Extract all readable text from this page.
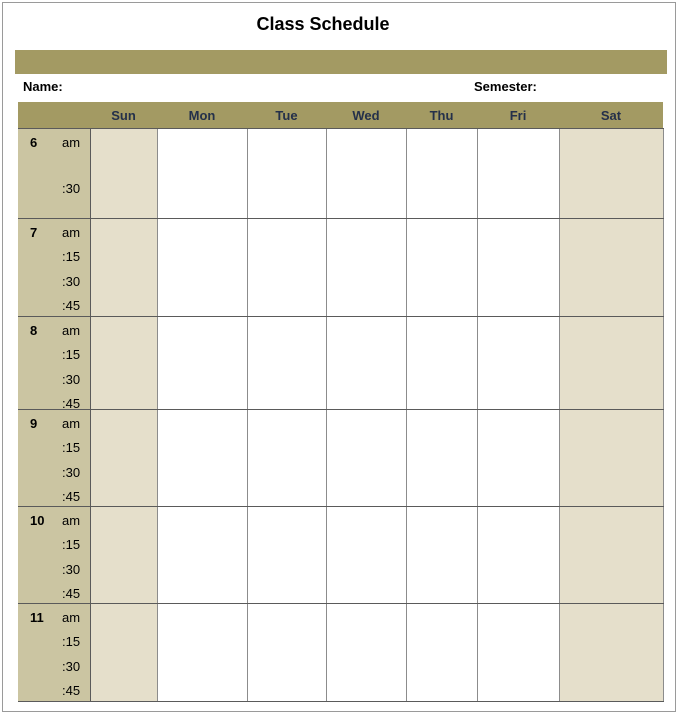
Class Schedule
Name:	Semester:
	Sun	Mon	Tue	Wed	Thu	Fri	Sat

6 am
:30							

7 am
:15
:30
:45							

8 am
:15
:30
:45							

9 am
:15
:30
:45							

10 am
:15
:30
:45							

11 am
:15
:30
:45							
